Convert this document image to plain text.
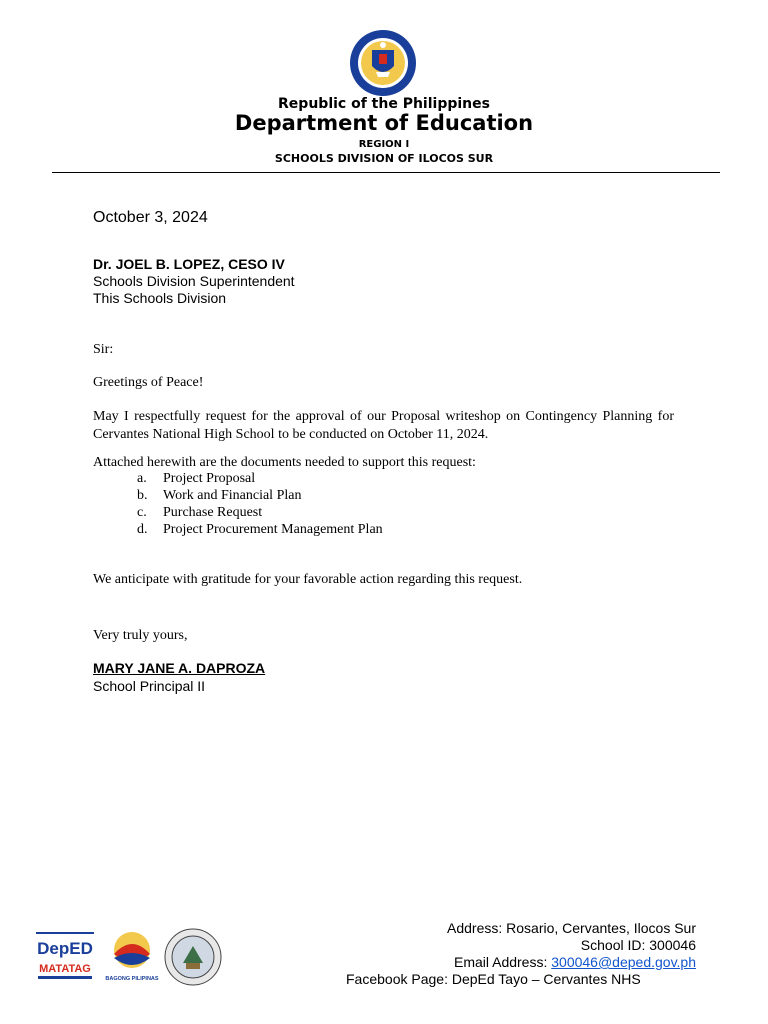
Republic of the Philippines
Department of Education
REGION I
SCHOOLS DIVISION OF ILOCOS SUR
October 3, 2024
Dr. JOEL B. LOPEZ, CESO IV
Schools Division Superintendent
This Schools Division
Sir:
Greetings of Peace!
May I respectfully request for the approval of our Proposal writeshop on Contingency Planning for Cervantes National High School to be conducted on October 11, 2024.
Attached herewith are the documents needed to support this request:
a.	Project Proposal
b.	Work and Financial Plan
c.	Purchase Request
d.	Project Procurement Management Plan
We anticipate with gratitude for your favorable action regarding this request.
Very truly yours,
MARY JANE A. DAPROZA
School Principal II
DepED
MATATAG
BAGONG PILIPINAS
Address: Rosario, Cervantes, Ilocos Sur
School ID: 300046
Email Address: 300046@deped.gov.ph
Facebook Page: DepEd Tayo – Cervantes NHS
